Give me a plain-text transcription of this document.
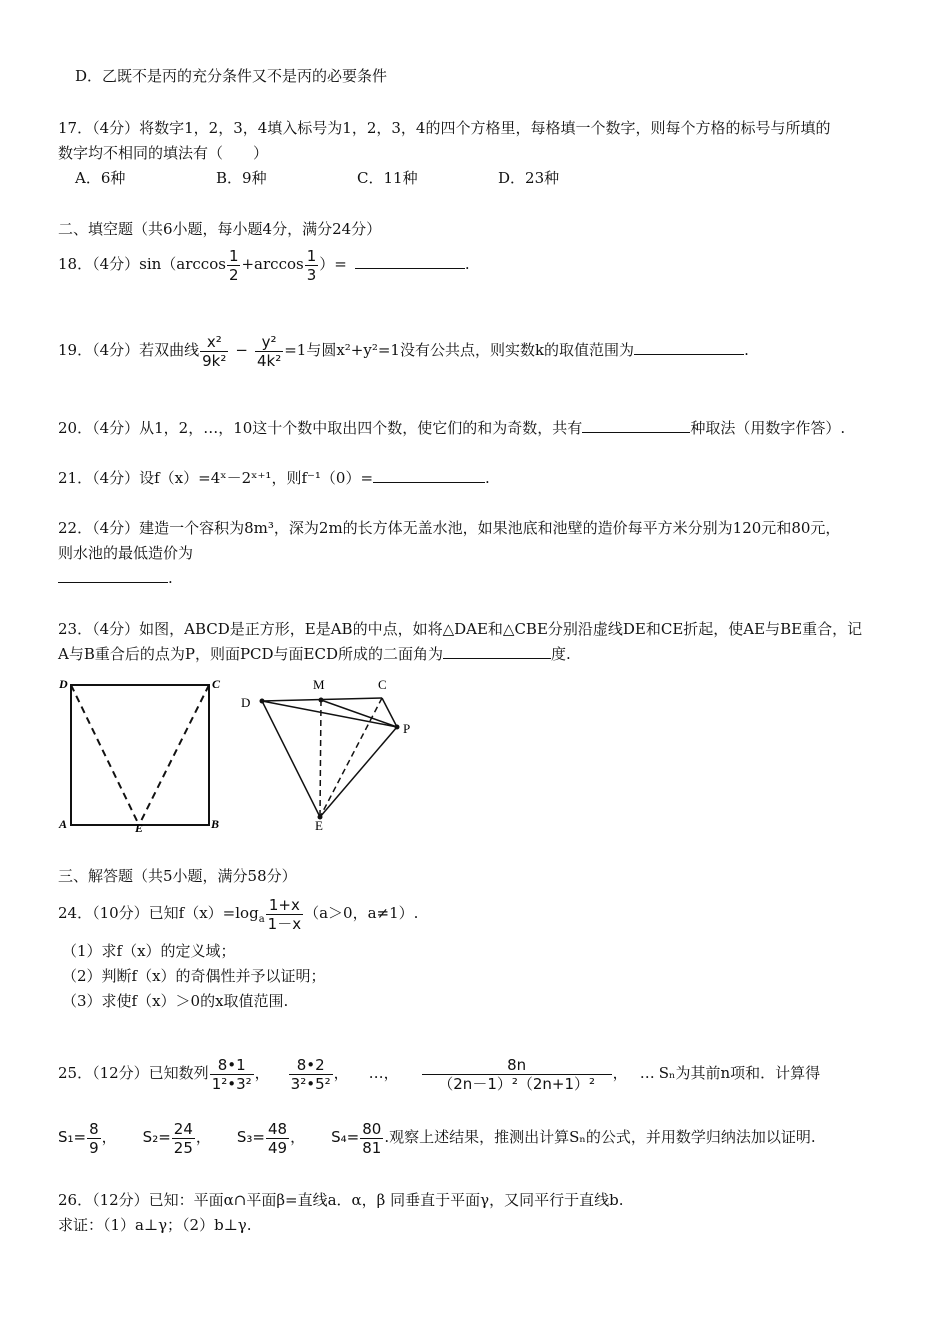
D．乙既不是丙的充分条件又不是丙的必要条件
17．（4分）将数字1，2，3，4填入标号为1，2，3，4的四个方格里，每格填一个数字，则每个方格的标号与所填的
数字均不相同的填法有（　　）
A．6种	B．9种	C．11种	D．23种
二、填空题（共6小题，每小题4分，满分24分）
18．（4分）$\sin(\arccos \frac{1}{2} +\arccos \frac{1}{3}$ ）=	.
19．（4分）若双曲线 $\frac{\text{x²}}{\text{9k²}} - \frac{\text{y²}}{\text{4k²}} =1$与圆x²+y²=1没有公共点，则实数k的取值范围为	.
20．（4分）从1，2，…，10这十个数中取出四个数，使它们的和为奇数，共有	种取法（用数字作答）.
21．（4分）设f（x）=4ˣ－2ˣ⁺¹，则f⁻¹（0）=	.
22．（4分）建造一个容积为8m³，深为2m的长方体无盖水池，如果池底和池壁的造价每平方米分别为120元和80元，
则水池的最低造价为
.
23．（4分）如图，ABCD是正方形，E是AB的中点，如将△DAE和△CBE分别沿虚线DE和CE折起，使AE与BE重合，记
A与B重合后的点为P，则面PCD与面ECD所成的二面角为	度.
D	C
A	E	B
M	C
D
P
E
三、解答题（共5小题，满分58分）
24．（10分）已知$f(x)=\log_a \frac{1+x}{1-x} (a>0$，a≠1）.
（1）求f（x）的定义域；
（2）判断f（x）的奇偶性并予以证明；
（3）求使f（x）＞0的x取值范围.
25．（12分）已知数列 $\frac{8•1}{\text{1²•3²}}$ ， $\frac{8•2}{\text{3²•5²}}$ ， …， $\frac{8n}{\text{（2n－1）²（2n+1）²}}$ ， … Sₙ为其前n项和．计算得
$S_1= \frac{8}{9}$ ， $S_2= \frac{24}{25}$ ， $S_3= \frac{48}{49}$ ， $S_4= \frac{80}{81}$ .观察上述结果，推测出计算Sₙ的公式，并用数学归纳法加以证明.
26．（12分）已知：平面α∩平面β=直线a．α，β 同垂直于平面γ，又同平行于直线b.
求证：（1）a⊥γ；（2）b⊥γ.
